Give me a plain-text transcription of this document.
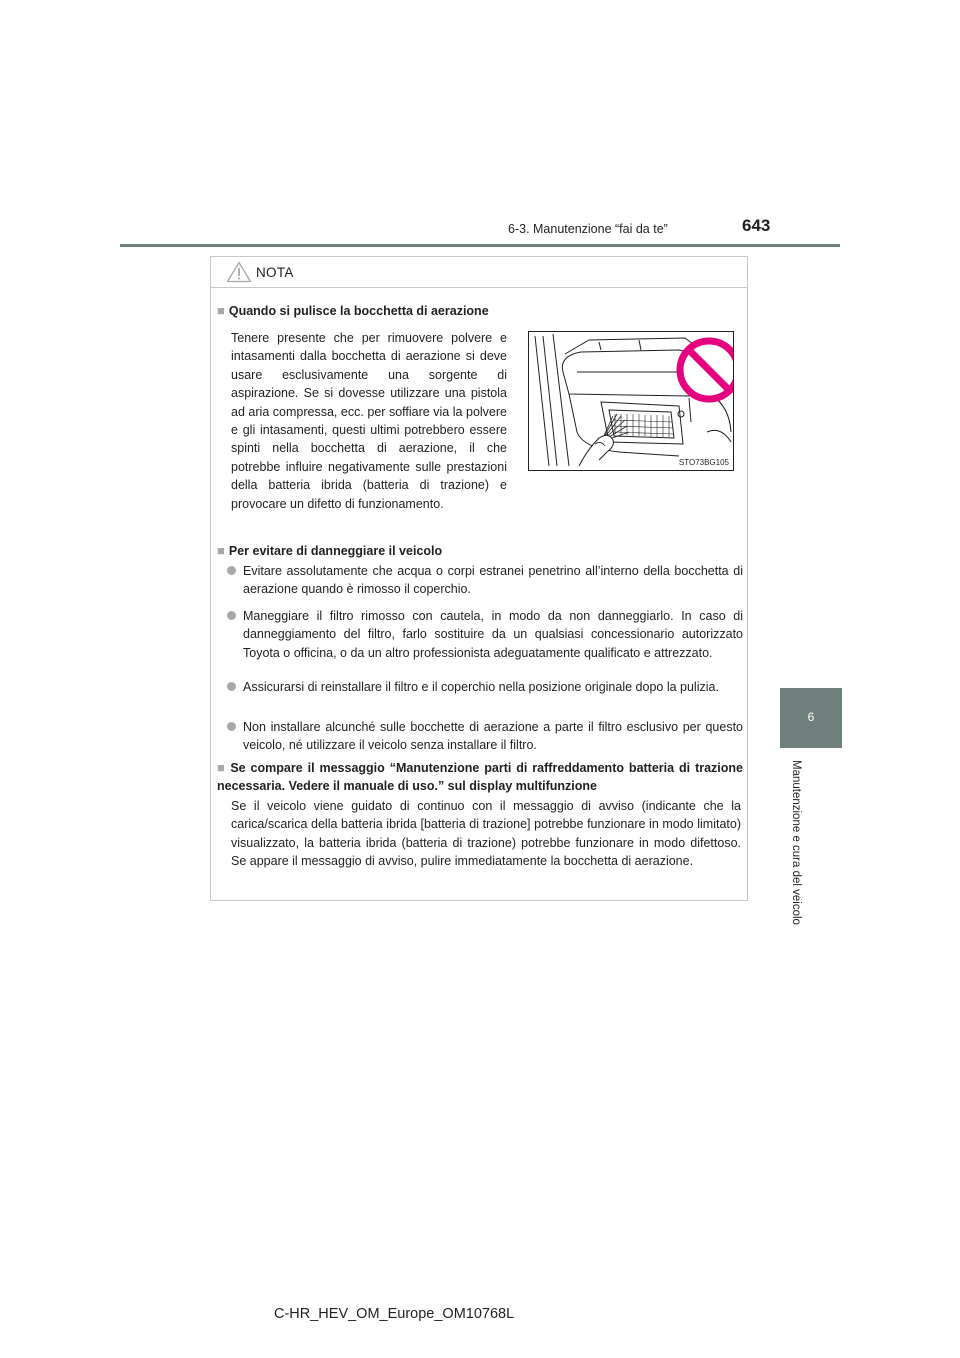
6-3. Manutenzione “fai da te”	643
6
Manutenzione e cura del veicolo
NOTA
■ Quando si pulisce la bocchetta di aerazione
Tenere presente che per rimuovere polvere e intasamenti dalla bocchetta di aerazione si deve usare esclusivamente una sorgente di aspirazione. Se si dovesse utilizzare una pistola ad aria compressa, ecc. per soffiare via la polvere e gli intasamenti, questi ultimi potrebbero essere spinti nella bocchetta di aerazione, il che potrebbe influire negativamente sulle prestazioni della batteria ibrida (batteria di trazione) e provocare un difetto di funzionamento.
STO73BG105
■ Per evitare di danneggiare il veicolo
Evitare assolutamente che acqua o corpi estranei penetrino all’interno della bocchetta di aerazione quando è rimosso il coperchio.
Maneggiare il filtro rimosso con cautela, in modo da non danneggiarlo. In caso di danneggiamento del filtro, farlo sostituire da un qualsiasi concessionario autorizzato Toyota o officina, o da un altro professionista adeguatamente qualificato e attrezzato.
Assicurarsi di reinstallare il filtro e il coperchio nella posizione originale dopo la pulizia.
Non installare alcunché sulle bocchette di aerazione a parte il filtro esclusivo per questo veicolo, né utilizzare il veicolo senza installare il filtro.
■ Se compare il messaggio “Manutenzione parti di raffreddamento batteria di trazione necessaria. Vedere il manuale di uso.” sul display multifunzione
Se il veicolo viene guidato di continuo con il messaggio di avviso (indicante che la carica/scarica della batteria ibrida [batteria di trazione] potrebbe funzionare in modo limitato) visualizzato, la batteria ibrida (batteria di trazione) potrebbe funzionare in modo difettoso. Se appare il messaggio di avviso, pulire immediatamente la bocchetta di aerazione.
C-HR_HEV_OM_Europe_OM10768L
